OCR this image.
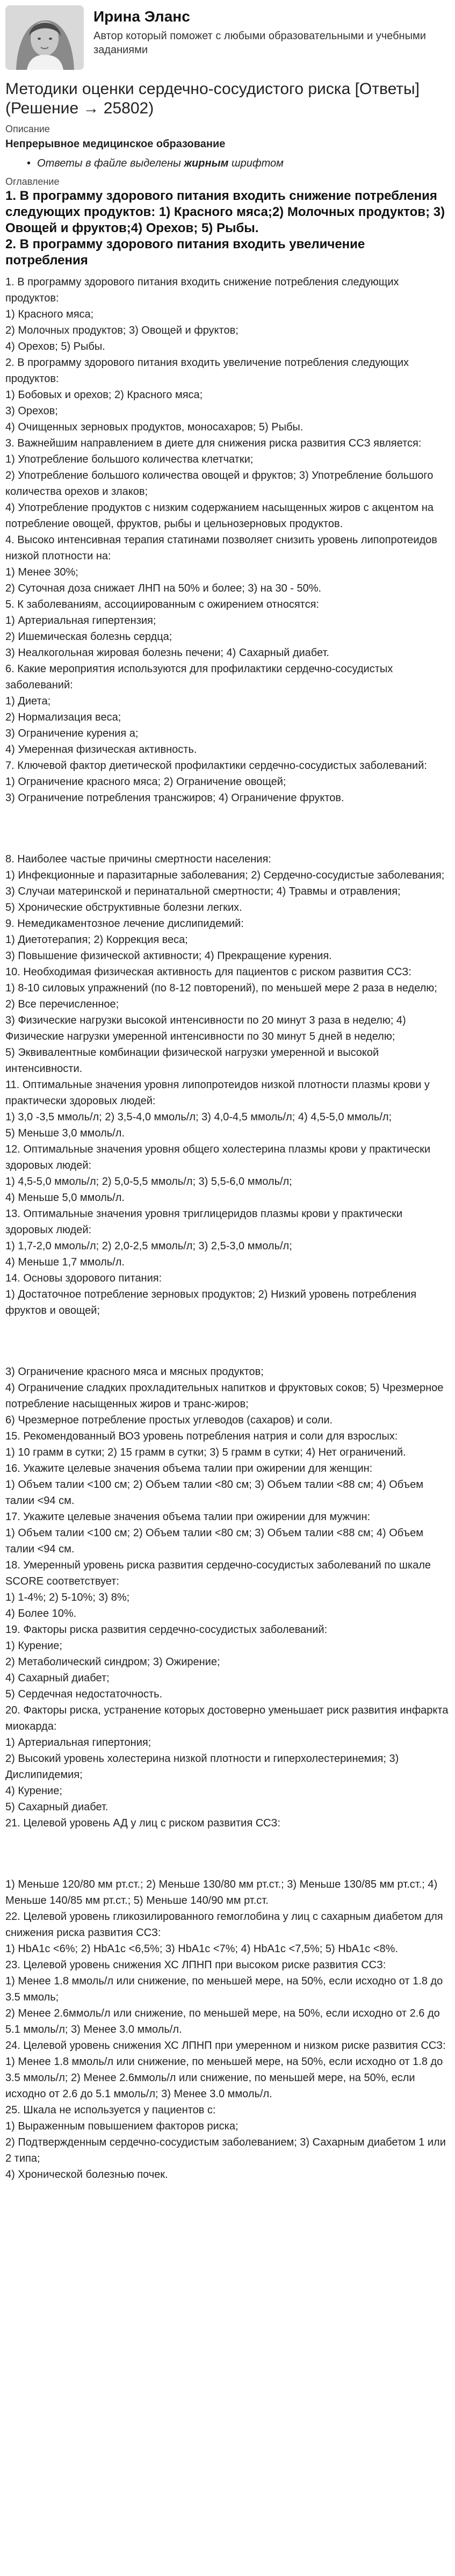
Ирина Эланс
Автор который поможет с любыми образовательными и учебными заданиями
Методики оценки сердечно-сосудистого риска [Ответы] (Решение → 25802)
Описание
Непрерывное медицинское образование
• Ответы в файле выделены жирным шрифтом
Оглавление
1. В программу здорового питания входить снижение потребления следующих продуктов: 1) Красного мяса;2) Молочных продуктов; 3) Овощей и фруктов;4) Орехов; 5) Рыбы.
2. В программу здорового питания входить увеличение потребления

1. В программу здорового питания входить снижение потребления следующих продуктов:

1) Красного мяса;

2) Молочных продуктов; 3) Овощей и фруктов;

4) Орехов; 5) Рыбы.

2. В программу здорового питания входить увеличение потребления следующих продуктов:

1) Бобовых и орехов; 2) Красного мяса;

3) Орехов;

4) Очищенных зерновых продуктов, моносахаров; 5) Рыбы.

3. Важнейшим направлением в диете для снижения риска развития ССЗ является:

1) Употребление большого количества клетчатки;

2) Употребление большого количества овощей и фруктов; 3) Употребление большого количества орехов и злаков;

4) Употребление продуктов с низким содержанием насыщенных жиров с акцентом на потребление овощей, фруктов, рыбы и цельнозерновых продуктов.

4. Высоко интенсивная терапия статинами позволяет снизить уровень липопротеидов низкой плотности на:

1) Менее 30%;

2) Суточная доза снижает ЛНП на 50% и более; 3) на 30 - 50%.

5. К заболеваниям, ассоциированным с ожирением относятся:

1) Артериальная гипертензия;

2) Ишемическая болезнь сердца;

3) Неалкогольная жировая болезнь печени; 4) Сахарный диабет.

6. Какие мероприятия используются для профилактики сердечно-сосудистых заболеваний:

1) Диета;

2) Нормализация веса;

3) Ограничение курения а;

4) Умеренная физическая активность.

7. Ключевой фактор диетической профилактики сердечно-сосудистых заболеваний:

1) Ограничение красного мяса; 2) Ограничение овощей;

3) Ограничение потребления трансжиров; 4) Ограничение фруктов.

8. Наиболее частые причины смертности населения:

1) Инфекционные и паразитарные заболевания; 2) Сердечно-сосудистые заболевания;

3) Случаи материнской и перинатальной смертности; 4) Травмы и отравления;

5) Хронические обструктивные болезни легких.

9. Немедикаментозное лечение дислипидемий:

1) Диетотерапия; 2) Коррекция веса;

3) Повышение физической активности; 4) Прекращение курения.

10. Необходимая физическая активность для пациентов с риском развития ССЗ:

1) 8-10 силовых упражнений (по 8-12 повторений), по меньшей мере 2 раза в неделю; 2) Все перечисленное;

3) Физические нагрузки высокой интенсивности по 20 минут 3 раза в неделю; 4) Физические нагрузки умеренной интенсивности по 30 минут 5 дней в неделю;

5) Эквивалентные комбинации физической нагрузки умеренной и высокой интенсивности.

11. Оптимальные значения уровня липопротеидов низкой плотности плазмы крови у практически здоровых людей:

1) 3,0 -3,5 ммоль/л; 2) 3,5-4,0 ммоль/л; 3) 4,0-4,5 ммоль/л; 4) 4,5-5,0 ммоль/л;

5) Меньше 3,0 ммоль/л.

12. Оптимальные значения уровня общего холестерина плазмы крови у практически здоровых людей:

1) 4,5-5,0 ммоль/л; 2) 5,0-5,5 ммоль/л; 3) 5,5-6,0 ммоль/л;

4) Меньше 5,0 ммоль/л.

13. Оптимальные значения уровня триглицеридов плазмы крови у практически здоровых людей:

1) 1,7-2,0 ммоль/л; 2) 2,0-2,5 ммоль/л; 3) 2,5-3,0 ммоль/л;

4) Меньше 1,7 ммоль/л.

14. Основы здорового питания:

1) Достаточное потребление зерновых продуктов; 2) Низкий уровень потребления фруктов и овощей;

3) Ограничение красного мяса и мясных продуктов;

4) Ограничение сладких прохладительных напитков и фруктовых соков; 5) Чрезмерное потребление насыщенных жиров и транс-жиров;

6) Чрезмерное потребление простых углеводов (сахаров) и соли.

15. Рекомендованный ВОЗ уровень потребления натрия и соли для взрослых:

1) 10 грамм в сутки; 2) 15 грамм в сутки; 3) 5 грамм в сутки; 4) Нет ограничений.

16. Укажите целевые значения объема талии при ожирении для женщин:

1) Объем талии <100 см; 2) Объем талии <80 см; 3) Объем талии <88 см; 4) Объем талии <94 см.

17. Укажите целевые значения объема талии при ожирении для мужчин:

1) Объем талии <100 см; 2) Объем талии <80 см; 3) Объем талии <88 см; 4) Объем талии <94 см.

18. Умеренный уровень риска развития сердечно-сосудистых заболеваний по шкале SCORE соответствует:

1) 1-4%; 2) 5-10%; 3) 8%;

4) Более 10%.

19. Факторы риска развития сердечно-сосудистых заболеваний:

1) Курение;

2) Метаболический синдром; 3) Ожирение;

4) Сахарный диабет;

5) Сердечная недостаточность.

20. Факторы риска, устранение которых достоверно уменьшает риск развития инфаркта миокарда:

1) Артериальная гипертония;

2) Высокий уровень холестерина низкой плотности и гиперхолестеринемия; 3) Дислипидемия;

4) Курение;

5) Сахарный диабет.

21. Целевой уровень АД у лиц с риском развития ССЗ:

1) Меньше 120/80 мм рт.ст.; 2) Меньше 130/80 мм рт.ст.; 3) Меньше 130/85 мм рт.ст.; 4) Меньше 140/85 мм рт.ст.; 5) Меньше 140/90 мм рт.ст.

22. Целевой уровень гликозилированного гемоглобина у лиц с сахарным диабетом для снижения риска развития ССЗ:

1) HbA1c <6%; 2) HbA1c <6,5%; 3) HbA1c <7%; 4) HbA1c <7,5%; 5) HbA1c <8%.

23. Целевой уровень снижения ХС ЛПНП при высоком риске развития ССЗ:

1) Менее 1.8 ммоль/л или снижение, по меньшей мере, на 50%, если исходно от 1.8 до 3.5 ммоль;

2) Менее 2.6ммоль/л или снижение, по меньшей мере, на 50%, если исходно от 2.6 до 5.1 ммоль/л; 3) Менее 3.0 ммоль/л.

24. Целевой уровень снижения ХС ЛПНП при умеренном и низком риске развития ССЗ:

1) Менее 1.8 ммоль/л или снижение, по меньшей мере, на 50%, если исходно от 1.8 до 3.5 ммоль/л; 2) Менее 2.6ммоль/л или снижение, по меньшей мере, на 50%, если исходно от 2.6 до 5.1 ммоль/л; 3) Менее 3.0 ммоль/л.

25. Шкала не используется у пациентов с:

1) Выраженным повышением факторов риска;

2) Подтвержденным сердечно-сосудистым заболеванием; 3) Сахарным диабетом 1 или 2 типа;

4) Хронической болезнью почек.
